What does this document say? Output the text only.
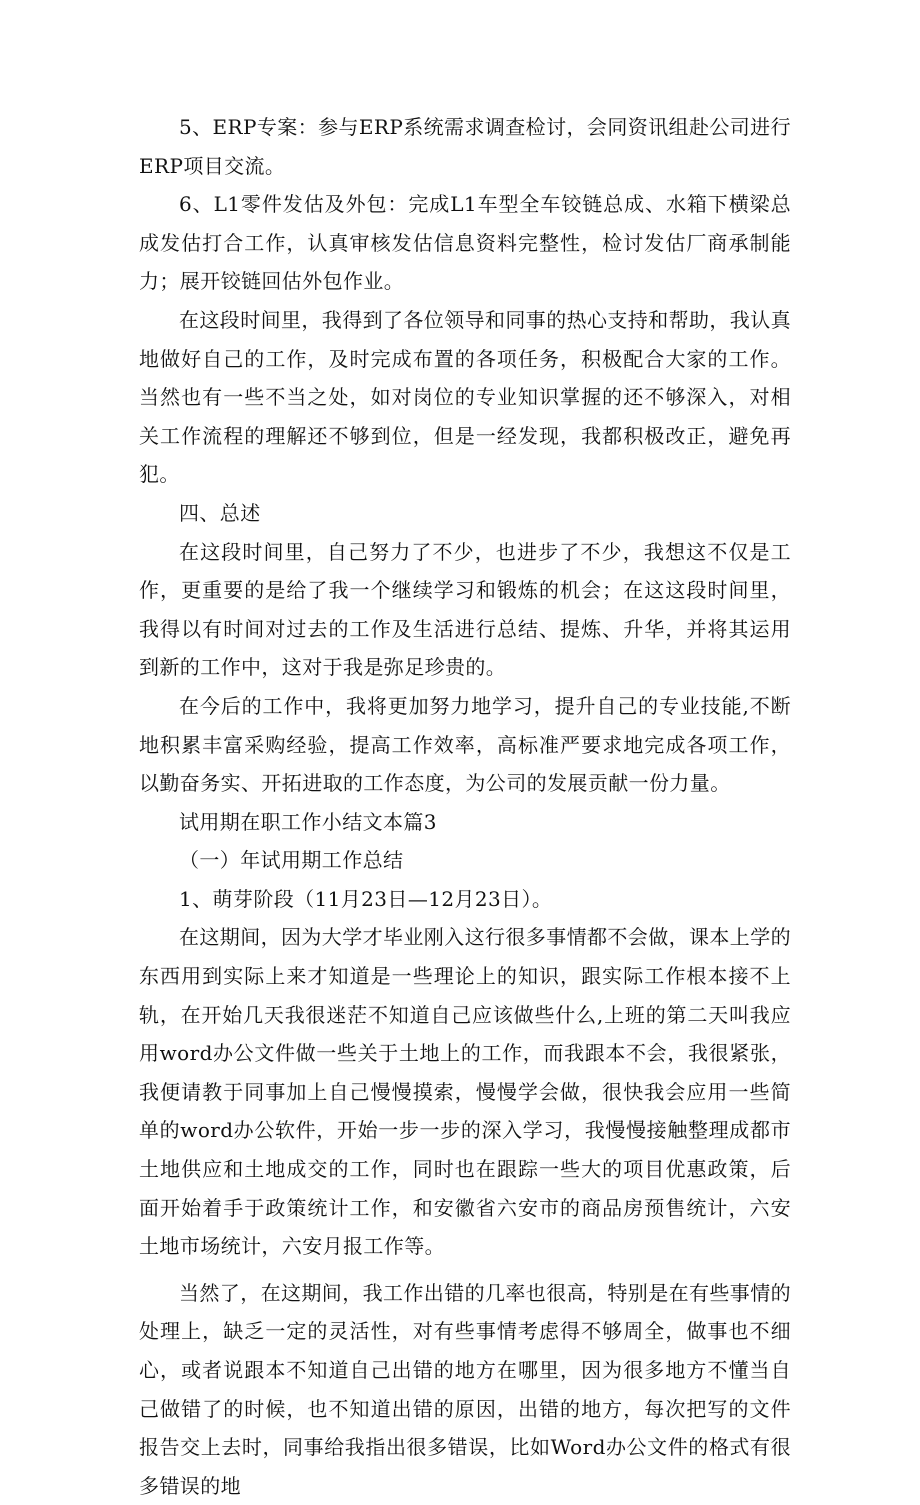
5、ERP专案：参与ERP系统需求调查检讨，会同资讯组赴公司进行ERP项目交流。

6、L1零件发估及外包：完成L1车型全车铰链总成、水箱下横梁总成发估打合工作，认真审核发估信息资料完整性，检讨发估厂商承制能力；展开铰链回估外包作业。

在这段时间里，我得到了各位领导和同事的热心支持和帮助，我认真地做好自己的工作，及时完成布置的各项任务，积极配合大家的工作。当然也有一些不当之处，如对岗位的专业知识掌握的还不够深入，对相关工作流程的理解还不够到位，但是一经发现，我都积极改正，避免再犯。

四、总述

在这段时间里，自己努力了不少，也进步了不少，我想这不仅是工作，更重要的是给了我一个继续学习和锻炼的机会；在这这段时间里，我得以有时间对过去的工作及生活进行总结、提炼、升华，并将其运用到新的工作中，这对于我是弥足珍贵的。

在今后的工作中，我将更加努力地学习，提升自己的专业技能,不断地积累丰富采购经验，提高工作效率，高标准严要求地完成各项工作，以勤奋务实、开拓进取的工作态度，为公司的发展贡献一份力量。

试用期在职工作小结文本篇3

（一）年试用期工作总结

1、萌芽阶段（11月23日—12月23日）。

在这期间，因为大学才毕业刚入这行很多事情都不会做，课本上学的东西用到实际上来才知道是一些理论上的知识，跟实际工作根本接不上轨，在开始几天我很迷茫不知道自己应该做些什么,上班的第二天叫我应用word办公文件做一些关于土地上的工作，而我跟本不会，我很紧张，我便请教于同事加上自己慢慢摸索，慢慢学会做，很快我会应用一些简单的word办公软件，开始一步一步的深入学习，我慢慢接触整理成都市土地供应和土地成交的工作，同时也在跟踪一些大的项目优惠政策，后面开始着手于政策统计工作，和安徽省六安市的商品房预售统计，六安土地市场统计，六安月报工作等。

当然了，在这期间，我工作出错的几率也很高，特别是在有些事情的处理上，缺乏一定的灵活性，对有些事情考虑得不够周全，做事也不细心，或者说跟本不知道自己出错的地方在哪里，因为很多地方不懂当自己做错了的时候，也不知道出错的原因，出错的地方，每次把写的文件报告交上去时，同事给我指出很多错误，比如Word办公文件的格式有很多错误的地
